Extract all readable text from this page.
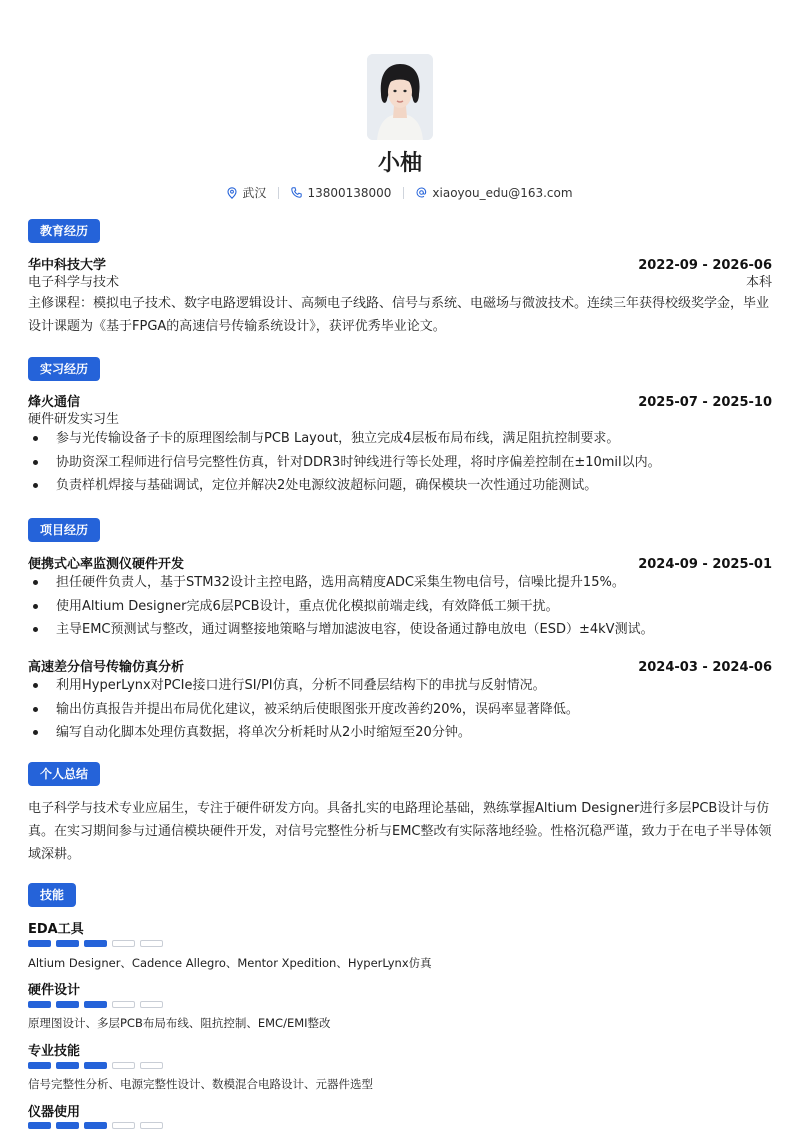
小柚
武汉	13800138000	xiaoyou_edu@163.com
教育经历
华中科技大学	2022-09 - 2026-06
电子科学与技术	本科
主修课程：模拟电子技术、数字电路逻辑设计、高频电子线路、信号与系统、电磁场与微波技术。连续三年获得校级奖学金，毕业设计课题为《基于FPGA的高速信号传输系统设计》，获评优秀毕业论文。
实习经历
烽火通信	2025-07 - 2025-10
硬件研发实习生
参与光传输设备子卡的原理图绘制与PCB Layout，独立完成4层板布局布线，满足阻抗控制要求。
协助资深工程师进行信号完整性仿真，针对DDR3时钟线进行等长处理，将时序偏差控制在±10mil以内。
负责样机焊接与基础调试，定位并解决2处电源纹波超标问题，确保模块一次性通过功能测试。
项目经历
便携式心率监测仪硬件开发	2024-09 - 2025-01
担任硬件负责人，基于STM32设计主控电路，选用高精度ADC采集生物电信号，信噪比提升15%。
使用Altium Designer完成6层PCB设计，重点优化模拟前端走线，有效降低工频干扰。
主导EMC预测试与整改，通过调整接地策略与增加滤波电容，使设备通过静电放电（ESD）±4kV测试。
高速差分信号传输仿真分析	2024-03 - 2024-06
利用HyperLynx对PCIe接口进行SI/PI仿真，分析不同叠层结构下的串扰与反射情况。
输出仿真报告并提出布局优化建议，被采纳后使眼图张开度改善约20%，误码率显著降低。
编写自动化脚本处理仿真数据，将单次分析耗时从2小时缩短至20分钟。
个人总结
电子科学与技术专业应届生，专注于硬件研发方向。具备扎实的电路理论基础，熟练掌握Altium Designer进行多层PCB设计与仿真。在实习期间参与过通信模块硬件开发，对信号完整性分析与EMC整改有实际落地经验。性格沉稳严谨，致力于在电子半导体领域深耕。
技能
EDA工具
Altium Designer、Cadence Allegro、Mentor Xpedition、HyperLynx仿真
硬件设计
原理图设计、多层PCB布局布线、阻抗控制、EMC/EMI整改
专业技能
信号完整性分析、电源完整性设计、数模混合电路设计、元器件选型
仪器使用
